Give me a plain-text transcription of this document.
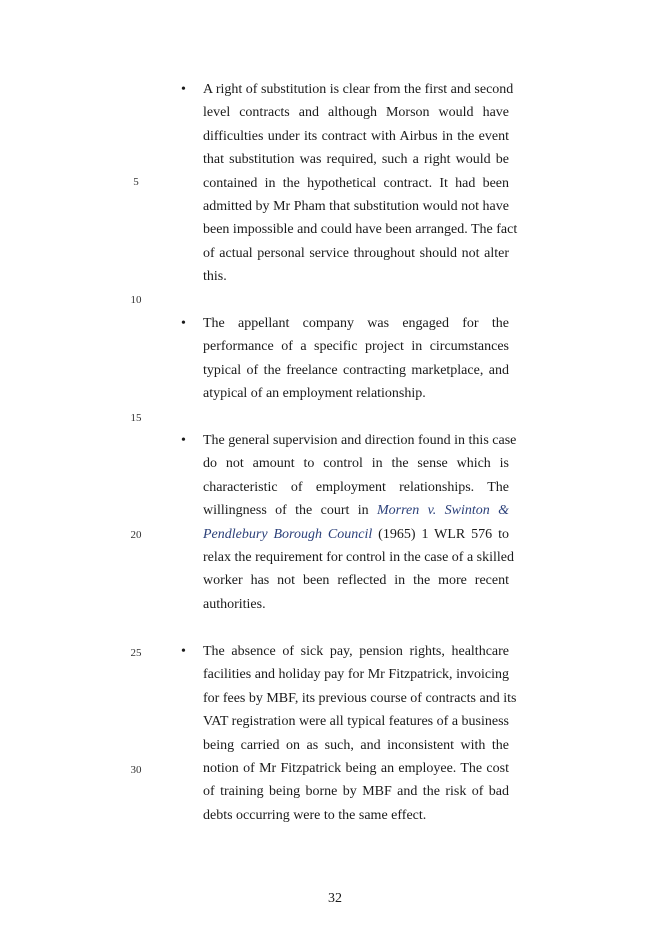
5
10
15
20
25
30
• A right of substitution is clear from the first and second
level contracts and although Morson would have
difficulties under its contract with Airbus in the event
that substitution was required, such a right would be
contained in the hypothetical contract. It had been
admitted by Mr Pham that substitution would not have
been impossible and could have been arranged. The fact
of actual personal service throughout should not alter
this.
• The appellant company was engaged for the
performance of a specific project in circumstances
typical of the freelance contracting marketplace, and
atypical of an employment relationship.
• The general supervision and direction found in this case
do not amount to control in the sense which is
characteristic of employment relationships. The
willingness of the court in Morren v. Swinton &
Pendlebury Borough Council (1965) 1 WLR 576 to
relax the requirement for control in the case of a skilled
worker has not been reflected in the more recent
authorities.
• The absence of sick pay, pension rights, healthcare
facilities and holiday pay for Mr Fitzpatrick, invoicing
for fees by MBF, its previous course of contracts and its
VAT registration were all typical features of a business
being carried on as such, and inconsistent with the
notion of Mr Fitzpatrick being an employee. The cost
of training being borne by MBF and the risk of bad
debts occurring were to the same effect.
32
